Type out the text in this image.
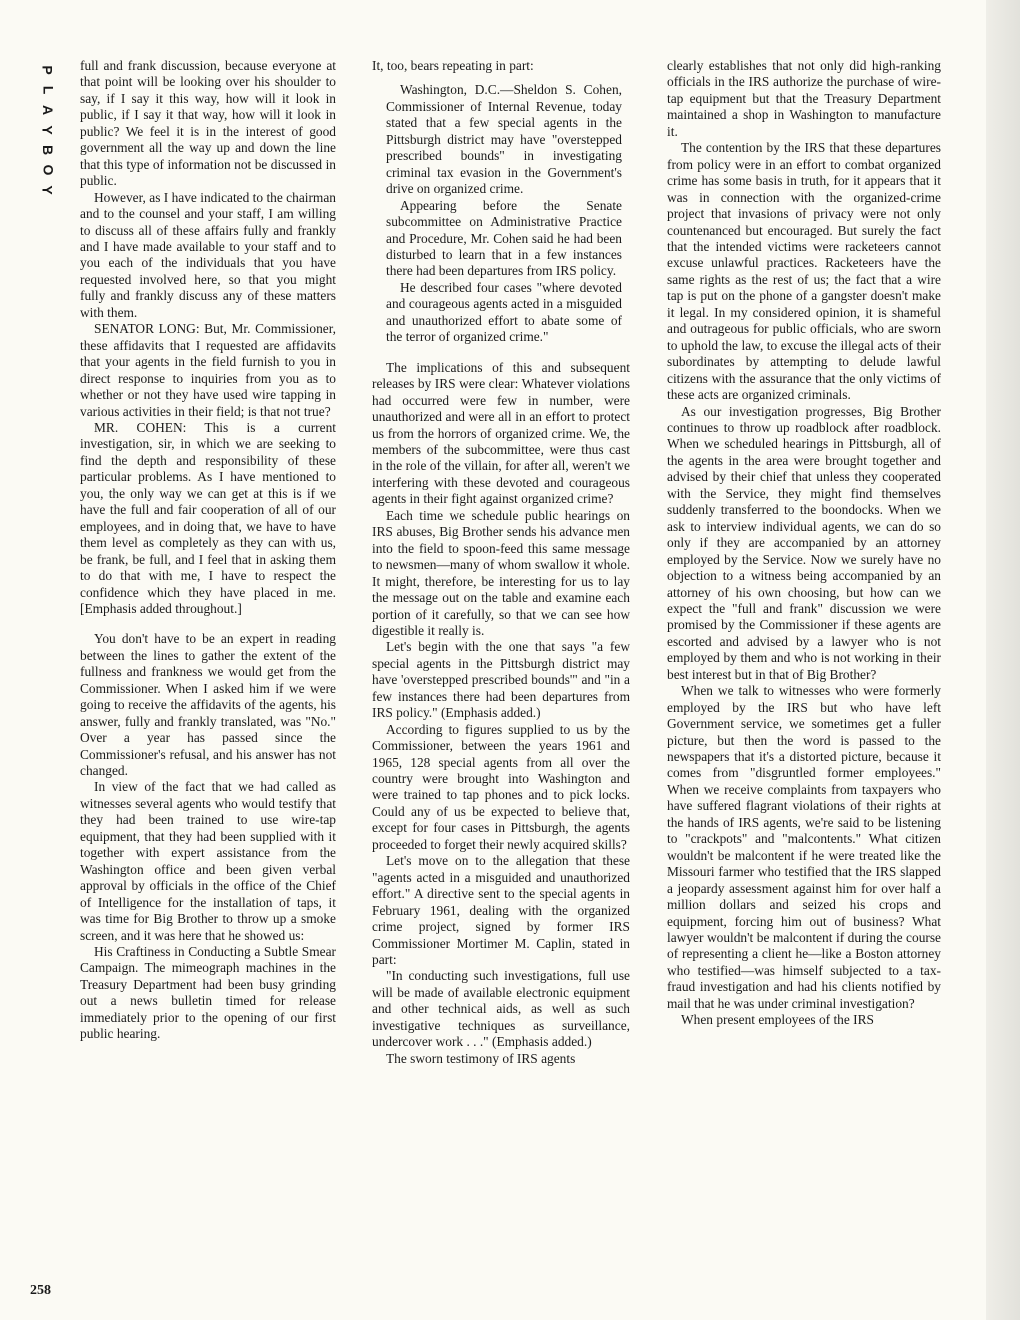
P
L
A
Y
B
O
Y
258

full and frank discussion, because everyone at that point will be looking over his shoulder to say, if I say it this way, how will it look in public, if I say it that way, how will it look in public? We feel it is in the interest of good government all the way up and down the line that this type of information not be discussed in public.

However, as I have indicated to the chairman and to the counsel and your staff, I am willing to discuss all of these affairs fully and frankly and I have made available to your staff and to you each of the individuals that you have requested involved here, so that you might fully and frankly discuss any of these matters with them.

SENATOR LONG: But, Mr. Commissioner, these affidavits that I requested are affidavits that your agents in the field furnish to you in direct response to inquiries from you as to whether or not they have used wire tapping in various activities in their field; is that not true?

MR. COHEN: This is a current investigation, sir, in which we are seeking to find the depth and responsibility of these particular problems. As I have mentioned to you, the only way we can get at this is if we have the full and fair cooperation of all of our employees, and in doing that, we have to have them level as completely as they can with us, be frank, be full, and I feel that in asking them to do that with me, I have to respect the confidence which they have placed in me. [Emphasis added throughout.]

You don't have to be an expert in reading between the lines to gather the extent of the fullness and frankness we would get from the Commissioner. When I asked him if we were going to receive the affidavits of the agents, his answer, fully and frankly translated, was "No." Over a year has passed since the Commissioner's refusal, and his answer has not changed.

In view of the fact that we had called as witnesses several agents who would testify that they had been trained to use wire-tap equipment, that they had been supplied with it together with expert assistance from the Washington office and been given verbal approval by officials in the office of the Chief of Intelligence for the installation of taps, it was time for Big Brother to throw up a smoke screen, and it was here that he showed us:

His Craftiness in Conducting a Subtle Smear Campaign. The mimeograph machines in the Treasury Department had been busy grinding out a news bulletin timed for release immediately prior to the opening of our first public hearing.

It, too, bears repeating in part:

Washington, D.C.—Sheldon S. Cohen, Commissioner of Internal Revenue, today stated that a few special agents in the Pittsburgh district may have "overstepped prescribed bounds" in investigating criminal tax evasion in the Government's drive on organized crime.

Appearing before the Senate subcommittee on Administrative Practice and Procedure, Mr. Cohen said he had been disturbed to learn that in a few instances there had been departures from IRS policy.

He described four cases "where devoted and courageous agents acted in a misguided and unauthorized effort to abate some of the terror of organized crime."

The implications of this and subsequent releases by IRS were clear: Whatever violations had occurred were few in number, were unauthorized and were all in an effort to protect us from the horrors of organized crime. We, the members of the subcommittee, were thus cast in the role of the villain, for after all, weren't we interfering with these devoted and courageous agents in their fight against organized crime?

Each time we schedule public hearings on IRS abuses, Big Brother sends his advance men into the field to spoon-feed this same message to newsmen—many of whom swallow it whole. It might, therefore, be interesting for us to lay the message out on the table and examine each portion of it carefully, so that we can see how digestible it really is.

Let's begin with the one that says "a few special agents in the Pittsburgh district may have 'overstepped prescribed bounds'" and "in a few instances there had been departures from IRS policy." (Emphasis added.)

According to figures supplied to us by the Commissioner, between the years 1961 and 1965, 128 special agents from all over the country were brought into Washington and were trained to tap phones and to pick locks. Could any of us be expected to believe that, except for four cases in Pittsburgh, the agents proceeded to forget their newly acquired skills?

Let's move on to the allegation that these "agents acted in a misguided and unauthorized effort." A directive sent to the special agents in February 1961, dealing with the organized crime project, signed by former IRS Commissioner Mortimer M. Caplin, stated in part:

"In conducting such investigations, full use will be made of available electronic equipment and other technical aids, as well as such investigative techniques as surveillance, undercover work . . ." (Emphasis added.)

The sworn testimony of IRS agents

clearly establishes that not only did high-ranking officials in the IRS authorize the purchase of wire-tap equipment but that the Treasury Department maintained a shop in Washington to manufacture it.

The contention by the IRS that these departures from policy were in an effort to combat organized crime has some basis in truth, for it appears that it was in connection with the organized-crime project that invasions of privacy were not only countenanced but encouraged. But surely the fact that the intended victims were racketeers cannot excuse unlawful practices. Racketeers have the same rights as the rest of us; the fact that a wire tap is put on the phone of a gangster doesn't make it legal. In my considered opinion, it is shameful and outrageous for public officials, who are sworn to uphold the law, to excuse the illegal acts of their subordinates by attempting to delude lawful citizens with the assurance that the only victims of these acts are organized criminals.

As our investigation progresses, Big Brother continues to throw up roadblock after roadblock. When we scheduled hearings in Pittsburgh, all of the agents in the area were brought together and advised by their chief that unless they cooperated with the Service, they might find themselves suddenly transferred to the boondocks. When we ask to interview individual agents, we can do so only if they are accompanied by an attorney employed by the Service. Now we surely have no objection to a witness being accompanied by an attorney of his own choosing, but how can we expect the "full and frank" discussion we were promised by the Commissioner if these agents are escorted and advised by a lawyer who is not employed by them and who is not working in their best interest but in that of Big Brother?

When we talk to witnesses who were formerly employed by the IRS but who have left Government service, we sometimes get a fuller picture, but then the word is passed to the newspapers that it's a distorted picture, because it comes from "disgruntled former employees." When we receive complaints from taxpayers who have suffered flagrant violations of their rights at the hands of IRS agents, we're said to be listening to "crackpots" and "malcontents." What citizen wouldn't be malcontent if he were treated like the Missouri farmer who testified that the IRS slapped a jeopardy assessment against him for over half a million dollars and seized his crops and equipment, forcing him out of business? What lawyer wouldn't be malcontent if during the course of representing a client he—like a Boston attorney who testified—was himself subjected to a tax-fraud investigation and had his clients notified by mail that he was under criminal investigation?

When present employees of the IRS
